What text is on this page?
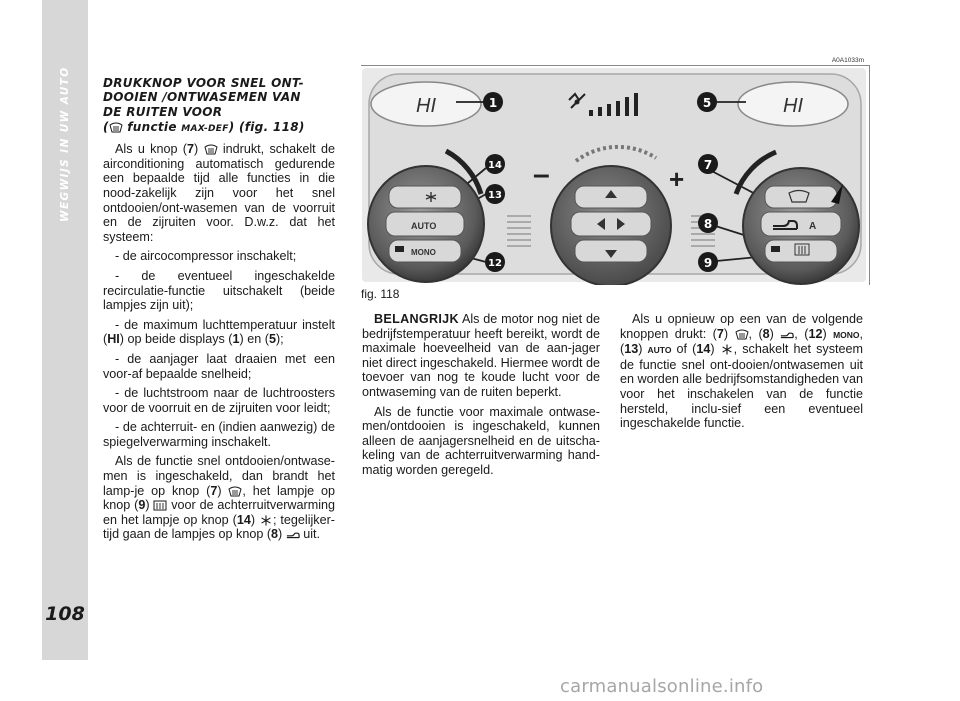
WEGWIJS IN UW AUTO
108
DRUKKNOP VOOR SNEL ONT-
DOOIEN /ONTWASEMEN VAN
DE RUITEN VOOR
( functie MAX-DEF) (fig. 118)

Als u knop (7)  indrukt, schakelt de airconditioning automatisch gedurende een bepaalde tijd alle functies in die nood-zakelijk zijn voor het snel ontdooien/ont-wasemen van de voorruit en de zijruiten voor. D.w.z. dat het systeem:

- de aircocompressor inschakelt;

- de eventueel ingeschakelde recirculatie-functie uitschakelt (beide lampjes zijn uit);

- de maximum luchttemperatuur instelt (HI) op beide displays (1) en (5);

- de aanjager laat draaien met een voor-af bepaalde snelheid;

- de luchtstroom naar de luchtroosters voor de voorruit en de zijruiten voor leidt;

- de achterruit- en (indien aanwezig) de spiegelverwarming inschakelt.

Als de functie snel ontdooien/ontwase-men is ingeschakeld, dan brandt het lamp-je op knop (7) , het lampje op knop (9)  voor de achterruitverwarming en het lampje op knop (14) ; tegelijker-tijd gaan de lampjes op knop (8)  uit.

A0A1033m
HI	HI
AUTO
MONO
–	+
A
1	5
14
13
12
7
8
9
fig. 118

BELANGRIJK Als de motor nog niet de bedrijfstemperatuur heeft bereikt, wordt de maximale hoeveelheid van de aan-jager niet direct ingeschakeld. Hiermee wordt de toevoer van nog te koude lucht voor de ontwaseming van de ruiten beperkt.

Als de functie voor maximale ontwase-men/ontdooien is ingeschakeld, kunnen alleen de aanjagersnelheid en de uitscha-keling van de achterruitverwarming hand-matig worden geregeld.

Als u opnieuw op een van de volgende knoppen drukt: (7) , (8) , (12) MONO, (13) AUTO of (14) , schakelt het systeem de functie snel ont-dooien/ontwasemen uit en worden alle bedrijfsomstandigheden van voor het inschakelen van de functie hersteld, inclu-sief een eventueel ingeschakelde functie.

carmanualsonline.info
